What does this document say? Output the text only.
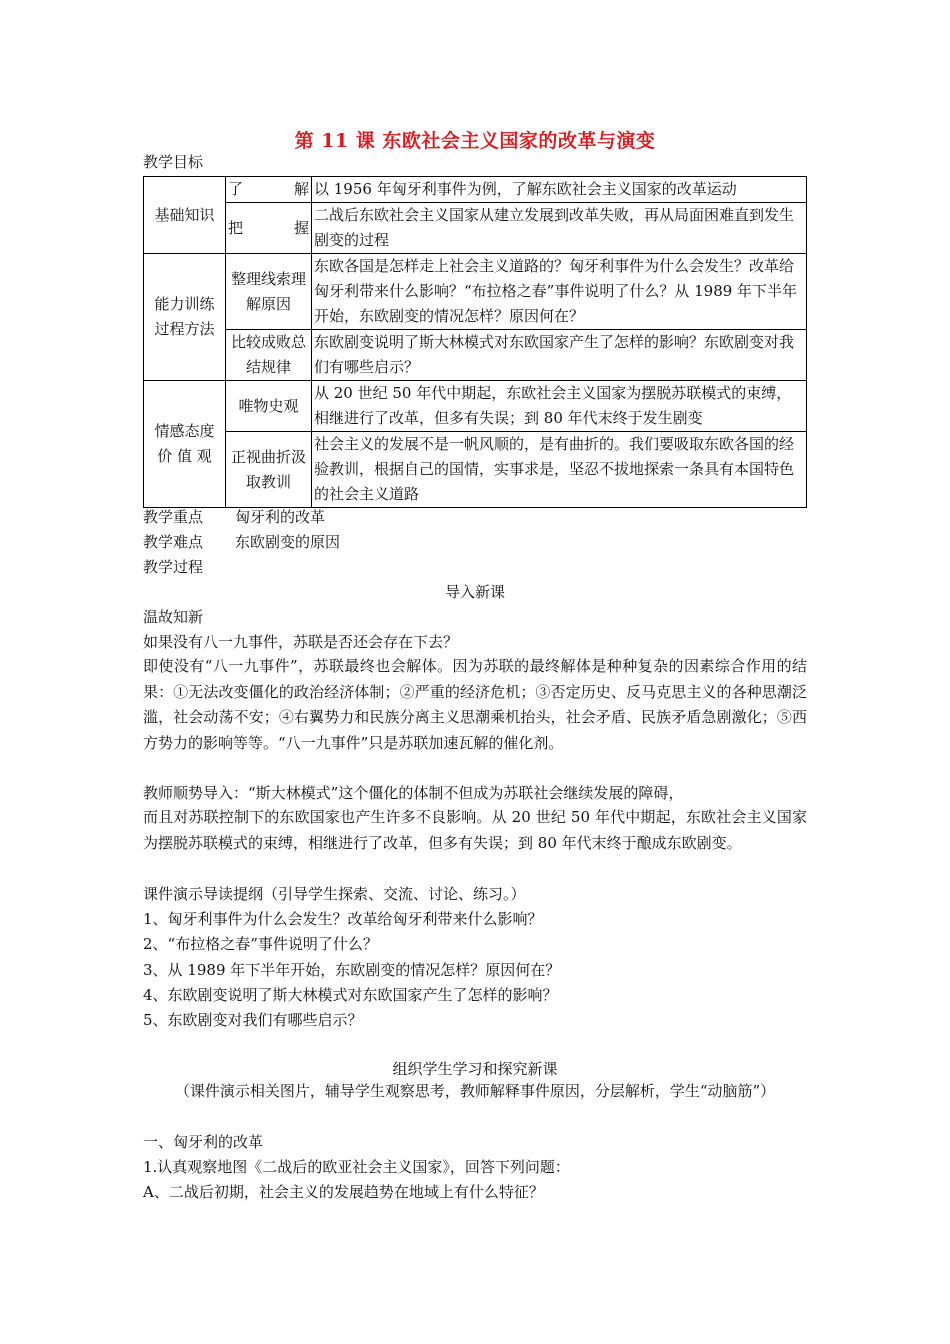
第 11 课 东欧社会主义国家的改革与演变
教学目标
基础知识	了 解	以 1956 年匈牙利事件为例，了解东欧社会主义国家的改革运动

	把 握	二战后东欧社会主义国家从建立发展到改革失败，再从局面困难直到发生剧变的过程
能力训练过程方法	整理线索理解原因	东欧各国是怎样走上社会主义道路的？匈牙利事件为什么会发生？改革给匈牙利带来什么影响？“布拉格之春”事件说明了什么？从 1989 年下半年开始，东欧剧变的情况怎样？原因何在？
	比较成败总结规律	东欧剧变说明了斯大林模式对东欧国家产生了怎样的影响？东欧剧变对我们有哪些启示？

情感态度
价 值 观	唯物史观	从 20 世纪 50 年代中期起，东欧社会主义国家为摆脱苏联模式的束缚，相继进行了改革，但多有失误；到 80 年代末终于发生剧变
	正视曲折汲取教训	社会主义的发展不是一帆风顺的，是有曲折的。我们要吸取东欧各国的经验教训，根据自己的国情，实事求是，坚忍不拔地探索一条具有本国特色的社会主义道路
教学重点 匈牙利的改革
教学难点 东欧剧变的原因
教学过程
导入新课
温故知新
如果没有八一九事件，苏联是否还会存在下去？
即使没有“八一九事件”，苏联最终也会解体。因为苏联的最终解体是种种复杂的因素综合作用的结果：①无法改变僵化的政治经济体制；②严重的经济危机；③否定历史、反马克思主义的各种思潮泛滥，社会动荡不安；④右翼势力和民族分离主义思潮乘机抬头，社会矛盾、民族矛盾急剧激化；⑤西方势力的影响等等。“八一九事件”只是苏联加速瓦解的催化剂。
教师顺势导入：“斯大林模式”这个僵化的体制不但成为苏联社会继续发展的障碍，
而且对苏联控制下的东欧国家也产生许多不良影响。从 20 世纪 50 年代中期起，东欧社会主义国家为摆脱苏联模式的束缚，相继进行了改革，但多有失误；到 80 年代末终于酿成东欧剧变。
课件演示导读提纲（引导学生探索、交流、讨论、练习。）
1、匈牙利事件为什么会发生？改革给匈牙利带来什么影响？
2、“布拉格之春”事件说明了什么？
3、从 1989 年下半年开始，东欧剧变的情况怎样？原因何在？
4、东欧剧变说明了斯大林模式对东欧国家产生了怎样的影响？
5、东欧剧变对我们有哪些启示？
组织学生学习和探究新课
（课件演示相关图片，辅导学生观察思考，教师解释事件原因，分层解析，学生“动脑筋”）
一、匈牙利的改革
1.认真观察地图《二战后的欧亚社会主义国家》，回答下列问题：
A、二战后初期，社会主义的发展趋势在地域上有什么特征？
